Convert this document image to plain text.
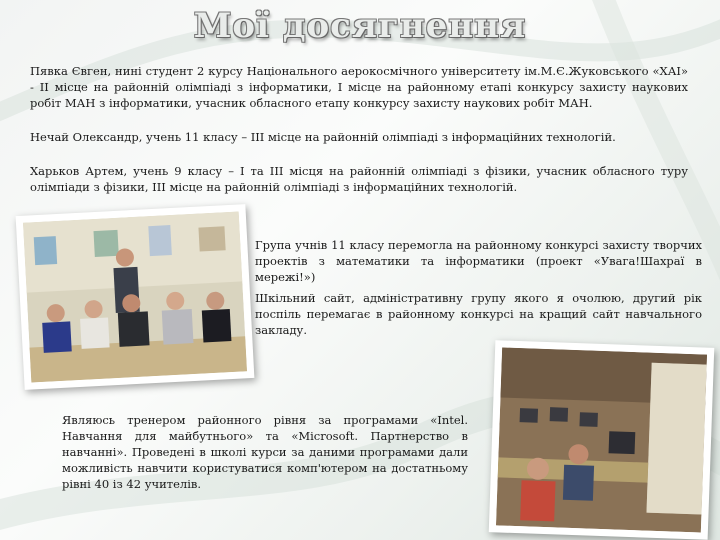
Мої досягнення

Пявка Євген, нині студент 2 курсу Національного аерокосмічного університету ім.М.Є.Жуковського «ХАІ» - ІІ місце на районній олімпіаді з інформатики, І місце на районному етапі конкурсу захисту наукових робіт МАН з інформатики, учасник обласного етапу конкурсу захисту наукових робіт МАН.

Нечай Олександр, учень 11 класу – ІІІ місце на районній олімпіаді з інформаційних технологій.

Харьков Артем, учень 9 класу – І та ІІІ місця на районній олімпіаді з фізики, учасник обласного туру олімпіади з фізики, ІІІ місце на районній олімпіаді з інформаційних технологій.

Група учнів 11 класу перемогла на районному конкурсі захисту творчих проектів з математики та інформатики (проект «Увага!Шахраї в мережі!»)

Шкільний сайт, адміністративну групу якого я очолюю, другий рік поспіль перемагає в районному конкурсі на кращий сайт навчального закладу.

Являюсь тренером районного рівня за програмами «Intel. Навчання для майбутнього» та «Microsoft. Партнерство в навчанні». Проведені в школі курси за даними програмами дали можливість навчити користуватися комп'ютером на достатньому рівні 40 із 42 учителів.
